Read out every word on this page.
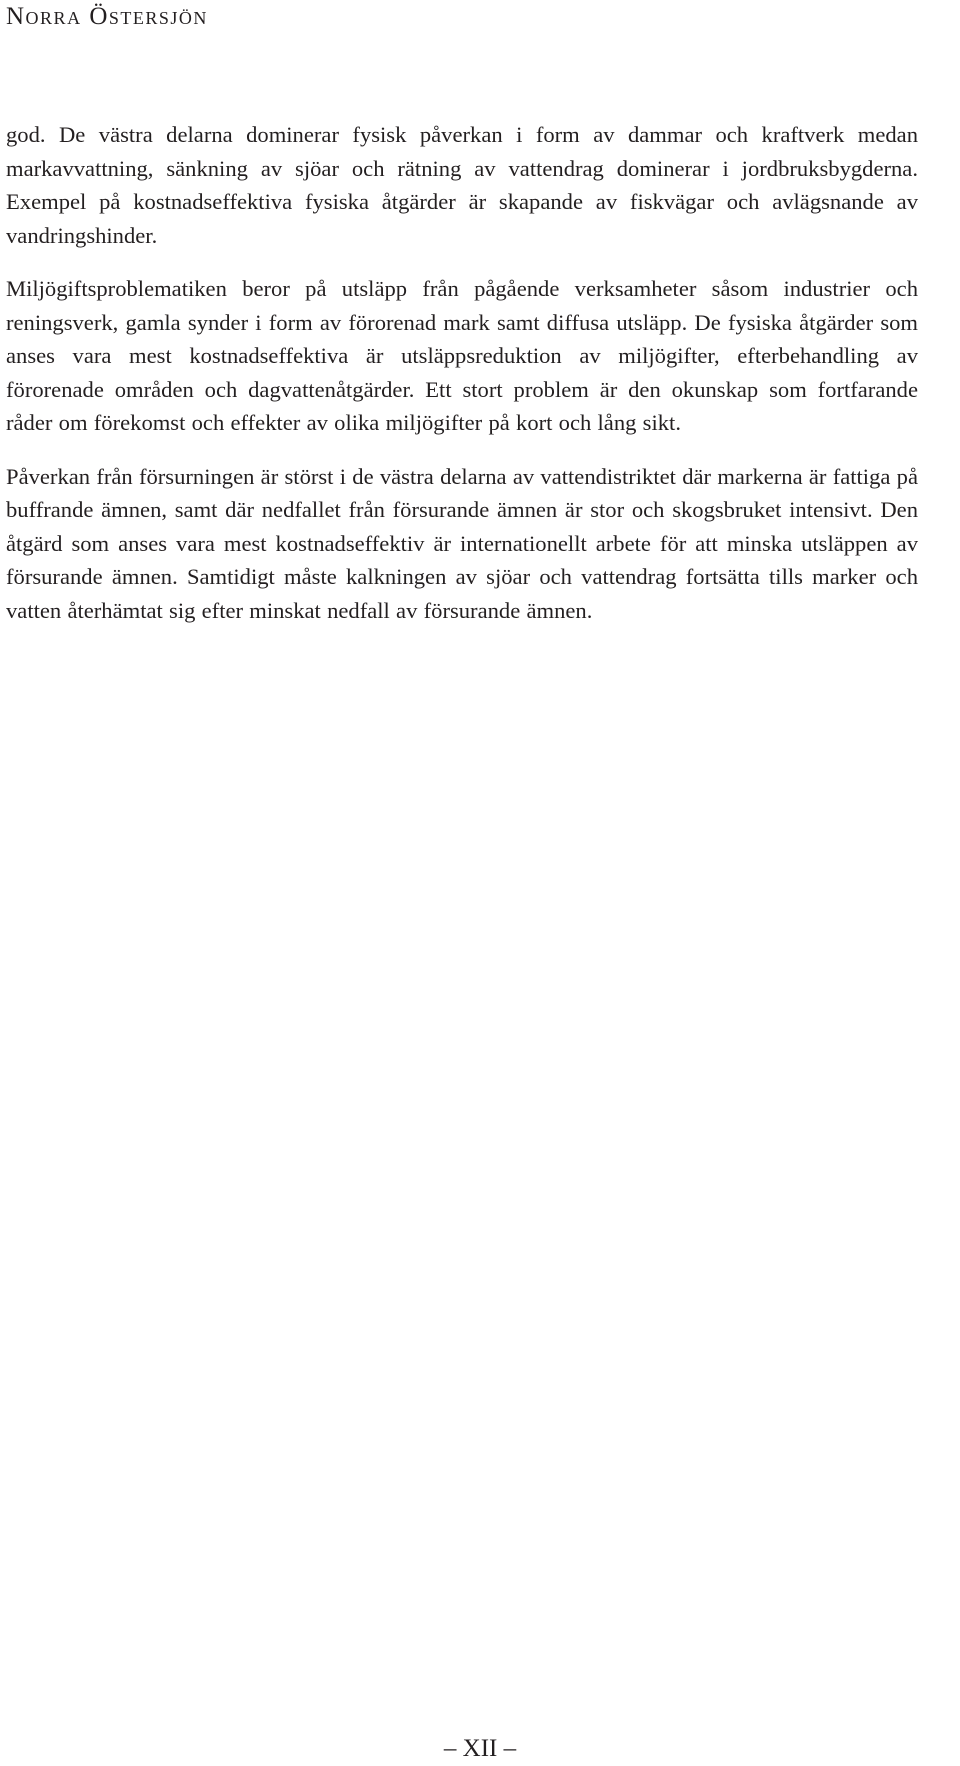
Norra Östersjön

god. De västra delarna dominerar fysisk påverkan i form av dammar och kraftverk medan markavvattning, sänkning av sjöar och rätning av vattendrag dominerar i jordbruksbygderna. Exempel på kostnadseffektiva fysiska åtgärder är skapande av fiskvägar och avlägsnande av vandringshinder.

Miljögiftsproblematiken beror på utsläpp från pågående verksamheter såsom industrier och reningsverk, gamla synder i form av förorenad mark samt diffusa utsläpp. De fysiska åtgärder som anses vara mest kostnadseffektiva är utsläppsreduktion av miljögifter, efterbehandling av förorenade områden och dagvattenåtgärder. Ett stort problem är den okunskap som fortfarande råder om förekomst och effekter av olika miljögifter på kort och lång sikt.

Påverkan från försurningen är störst i de västra delarna av vattendistriktet där markerna är fattiga på buffrande ämnen, samt där nedfallet från försurande ämnen är stor och skogsbruket intensivt. Den åtgärd som anses vara mest kostnadseffektiv är internationellt arbete för att minska utsläppen av försurande ämnen. Samtidigt måste kalkningen av sjöar och vattendrag fortsätta tills marker och vatten återhämtat sig efter minskat nedfall av försurande ämnen.

– XII –
